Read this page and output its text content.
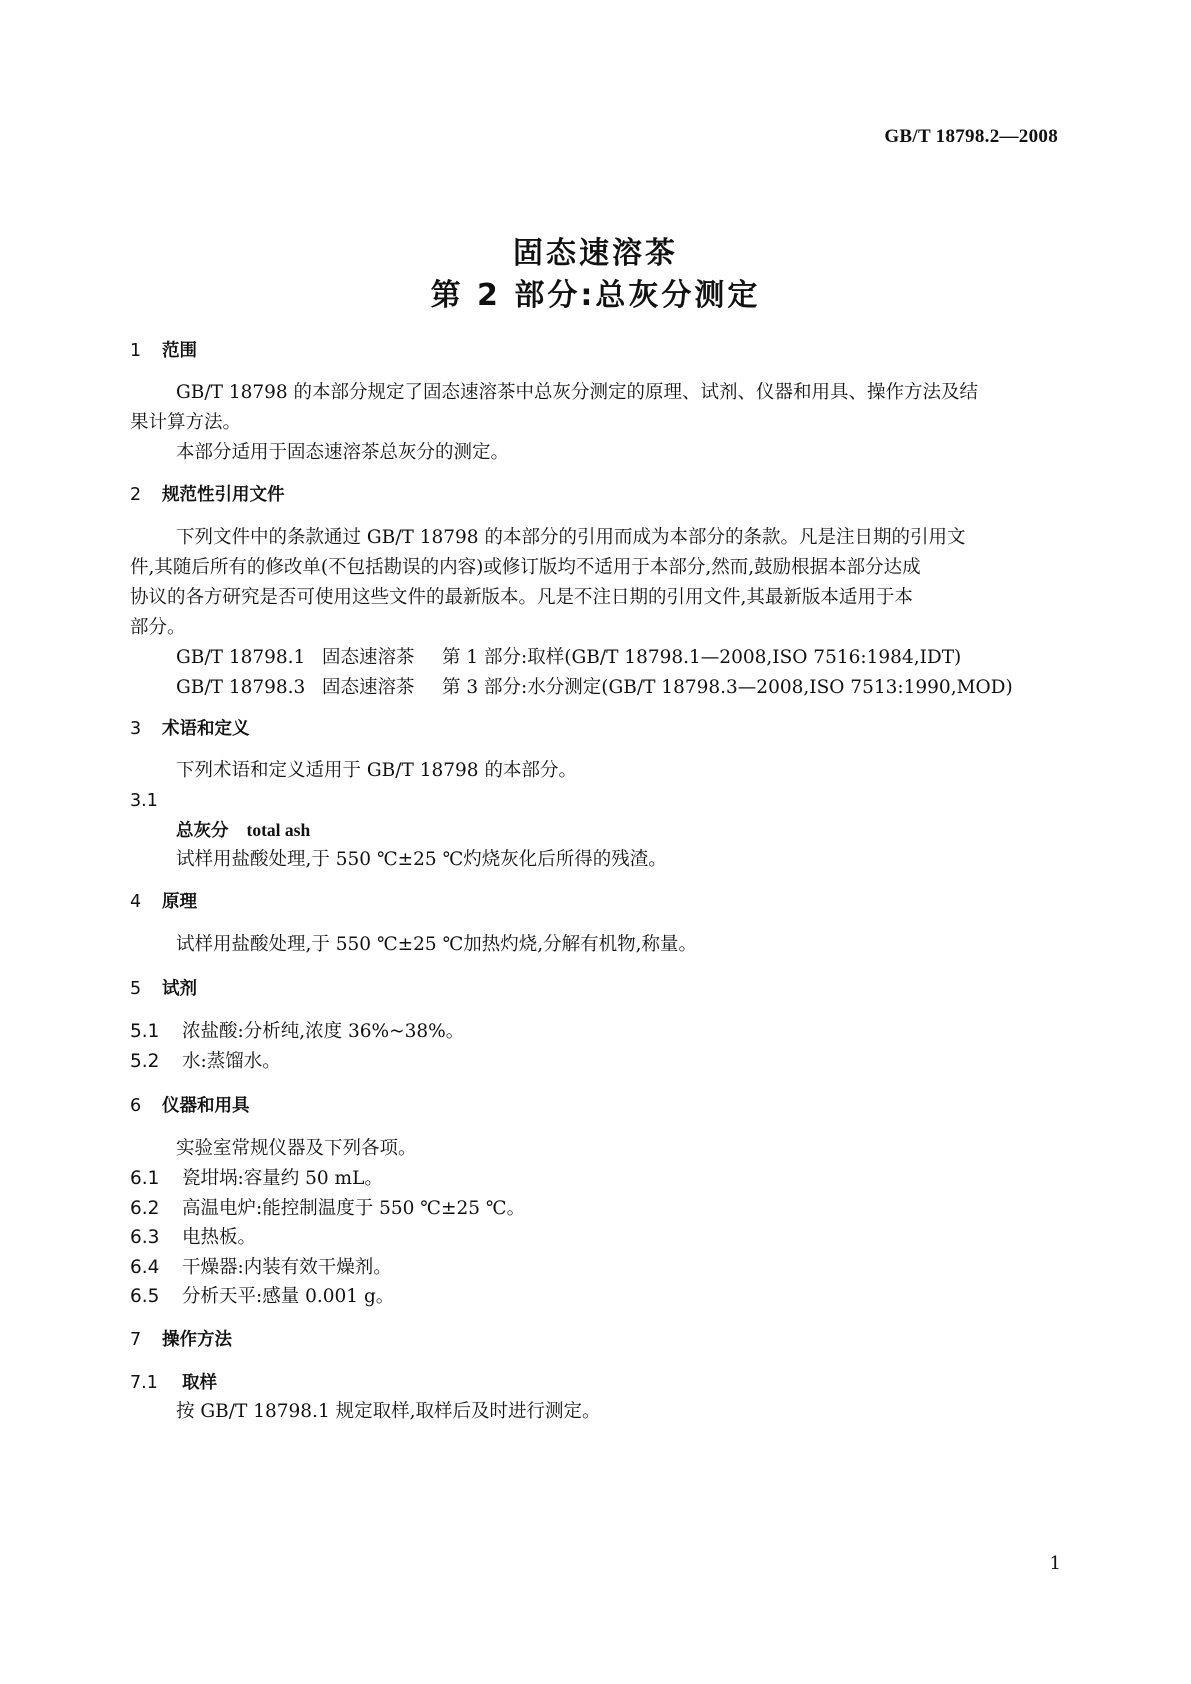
GB/T 18798.2—2008
固态速溶茶
第 2 部分:总灰分测定
1 范围

GB/T 18798 的本部分规定了固态速溶茶中总灰分测定的原理、试剂、仪器和用具、操作方法及结

果计算方法。

本部分适用于固态速溶茶总灰分的测定。

2 规范性引用文件

下列文件中的条款通过 GB/T 18798 的本部分的引用而成为本部分的条款。凡是注日期的引用文

件,其随后所有的修改单(不包括勘误的内容)或修订版均不适用于本部分,然而,鼓励根据本部分达成

协议的各方研究是否可使用这些文件的最新版本。凡是不注日期的引用文件,其最新版本适用于本

部分。

GB/T 18798.1 固态速溶茶 第 1 部分:取样(GB/T 18798.1—2008,ISO 7516:1984,IDT)

GB/T 18798.3 固态速溶茶 第 3 部分:水分测定(GB/T 18798.3—2008,ISO 7513:1990,MOD)

3 术语和定义

下列术语和定义适用于 GB/T 18798 的本部分。

3.1
总灰分 total ash

试样用盐酸处理,于 550 ℃±25 ℃灼烧灰化后所得的残渣。

4 原理

试样用盐酸处理,于 550 ℃±25 ℃加热灼烧,分解有机物,称量。

5 试剂

5.1 浓盐酸:分析纯,浓度 36%~38%。

5.2 水:蒸馏水。

6 仪器和用具

实验室常规仪器及下列各项。

6.1 瓷坩埚:容量约 50 mL。

6.2 高温电炉:能控制温度于 550 ℃±25 ℃。

6.3 电热板。

6.4 干燥器:内装有效干燥剂。

6.5 分析天平:感量 0.001 g。

7 操作方法
7.1 取样

按 GB/T 18798.1 规定取样,取样后及时进行测定。

1
